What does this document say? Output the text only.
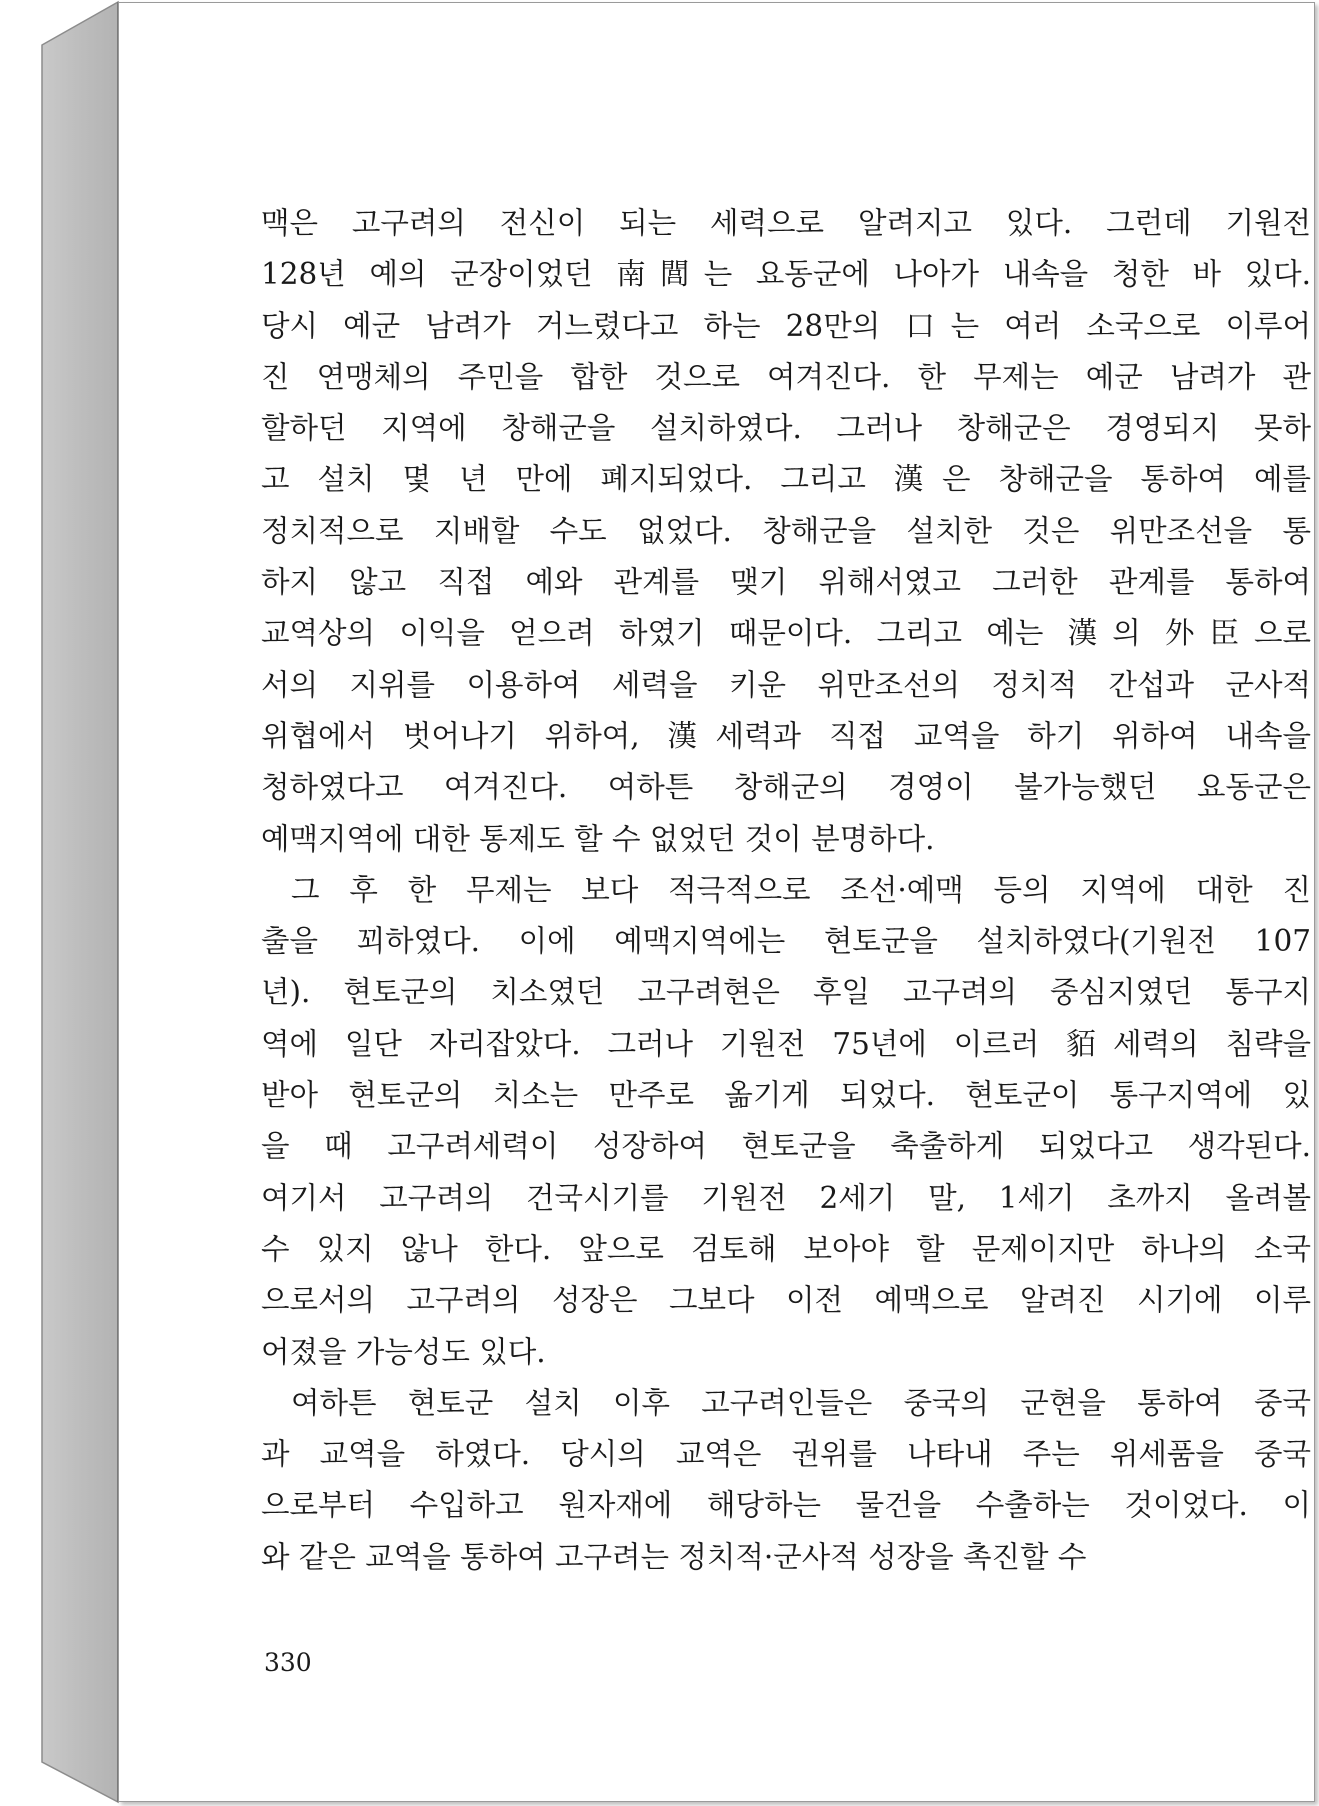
맥은 고구려의 전신이 되는 세력으로 알려지고 있다. 그런데 기원전
128년 예의 군장이었던 南閭는 요동군에 나아가 내속을 청한 바 있다.
당시 예군 남려가 거느렸다고 하는 28만의 口는 여러 소국으로 이루어
진 연맹체의 주민을 합한 것으로 여겨진다. 한 무제는 예군 남려가 관
할하던 지역에 창해군을 설치하였다. 그러나 창해군은 경영되지 못하
고 설치 몇 년 만에 폐지되었다. 그리고 漢은 창해군을 통하여 예를
정치적으로 지배할 수도 없었다. 창해군을 설치한 것은 위만조선을 통
하지 않고 직접 예와 관계를 맺기 위해서였고 그러한 관계를 통하여
교역상의 이익을 얻으려 하였기 때문이다. 그리고 예는 漢의 外臣으로
서의 지위를 이용하여 세력을 키운 위만조선의 정치적 간섭과 군사적
위협에서 벗어나기 위하여, 漢세력과 직접 교역을 하기 위하여 내속을
청하였다고 여겨진다. 여하튼 창해군의 경영이 불가능했던 요동군은
예맥지역에 대한 통제도 할 수 없었던 것이 분명하다.
그 후 한 무제는 보다 적극적으로 조선·예맥 등의 지역에 대한 진
출을 꾀하였다. 이에 예맥지역에는 현토군을 설치하였다(기원전 107
년). 현토군의 치소였던 고구려현은 후일 고구려의 중심지였던 통구지
역에 일단 자리잡았다. 그러나 기원전 75년에 이르러 貊세력의 침략을
받아 현토군의 치소는 만주로 옮기게 되었다. 현토군이 통구지역에 있
을 때 고구려세력이 성장하여 현토군을 축출하게 되었다고 생각된다.
여기서 고구려의 건국시기를 기원전 2세기 말, 1세기 초까지 올려볼
수 있지 않나 한다. 앞으로 검토해 보아야 할 문제이지만 하나의 소국
으로서의 고구려의 성장은 그보다 이전 예맥으로 알려진 시기에 이루
어졌을 가능성도 있다.
여하튼 현토군 설치 이후 고구려인들은 중국의 군현을 통하여 중국
과 교역을 하였다. 당시의 교역은 권위를 나타내 주는 위세품을 중국
으로부터 수입하고 원자재에 해당하는 물건을 수출하는 것이었다. 이
와 같은 교역을 통하여 고구려는 정치적·군사적 성장을 촉진할 수
330
